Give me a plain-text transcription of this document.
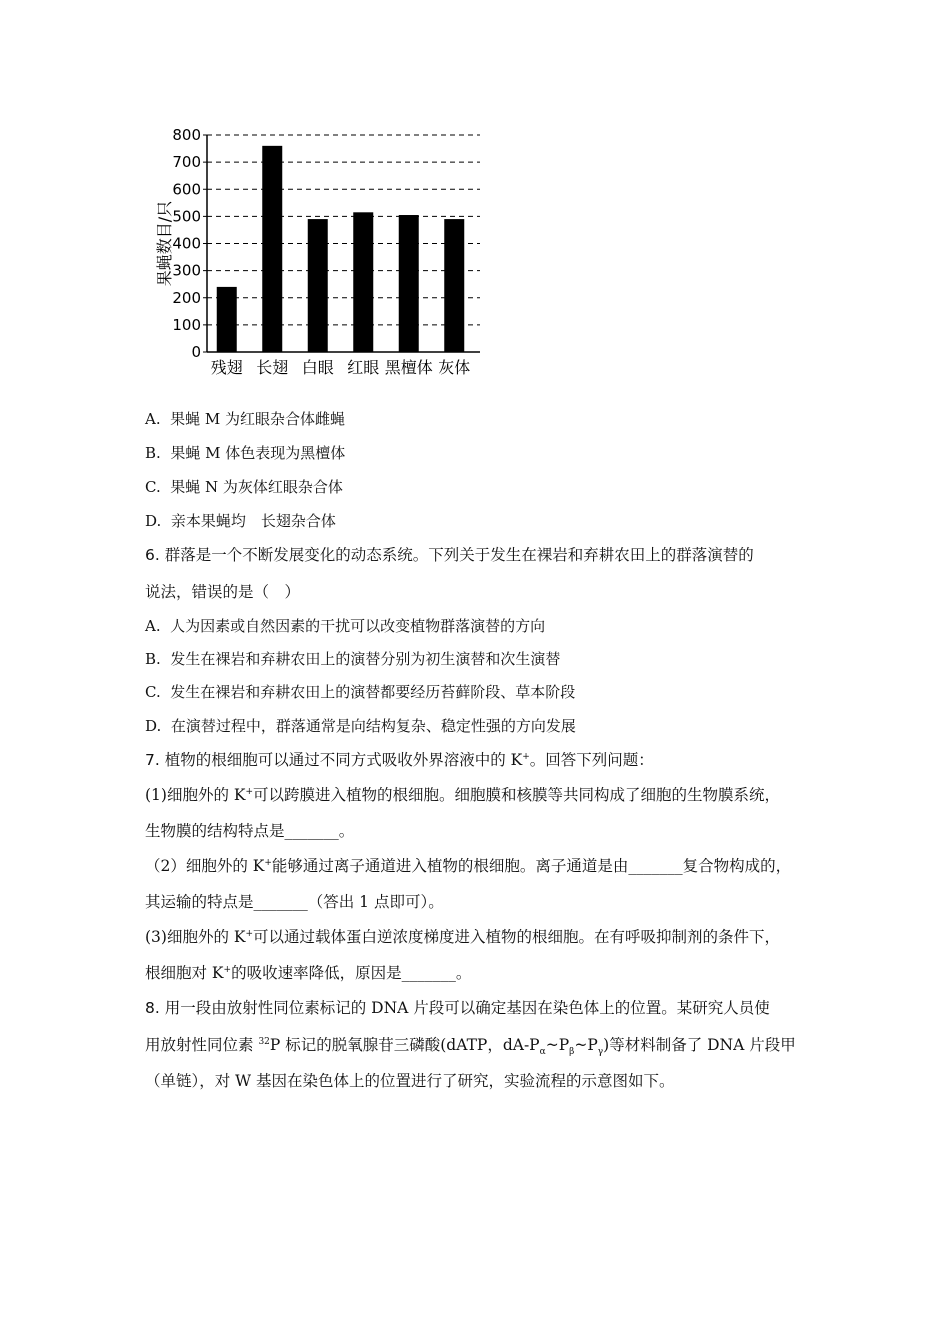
0
100
200
300
400
500
600
700
800
残翅 长翅 白眼 红眼 黑檀体 灰体
果蝇数目/只
A. 果蝇 M 为红眼杂合体雌蝇
B. 果蝇 M 体色表现为黑檀体
C. 果蝇 N 为灰体红眼杂合体
D. 亲本果蝇均　长翅杂合体
6. 群落是一个不断发展变化的动态系统。下列关于发生在裸岩和弃耕农田上的群落演替的
说法，错误的是（　）
A. 人为因素或自然因素的干扰可以改变植物群落演替的方向
B. 发生在裸岩和弃耕农田上的演替分别为初生演替和次生演替
C. 发生在裸岩和弃耕农田上的演替都要经历苔藓阶段、草本阶段
D. 在演替过程中，群落通常是向结构复杂、稳定性强的方向发展
7. 植物的根细胞可以通过不同方式吸收外界溶液中的 K+。回答下列问题：
(1)细胞外的 K+可以跨膜进入植物的根细胞。细胞膜和核膜等共同构成了细胞的生物膜系统，
生物膜的结构特点是_______。
（2）细胞外的 K+能够通过离子通道进入植物的根细胞。离子通道是由_______复合物构成的，
其运输的特点是_______（答出 1 点即可）。
(3)细胞外的 K+可以通过载体蛋白逆浓度梯度进入植物的根细胞。在有呼吸抑制剂的条件下，
根细胞对 K+的吸收速率降低，原因是_______。
8. 用一段由放射性同位素标记的 DNA 片段可以确定基因在染色体上的位置。某研究人员使
用放射性同位素 $^{32}$P 标记的脱氧腺苷三磷酸(dATP，$dA-P_\alpha\sim P_\beta\sim P_\gamma$)等材料制备了 DNA 片段甲
（单链），对 W 基因在染色体上的位置进行了研究，实验流程的示意图如下。
